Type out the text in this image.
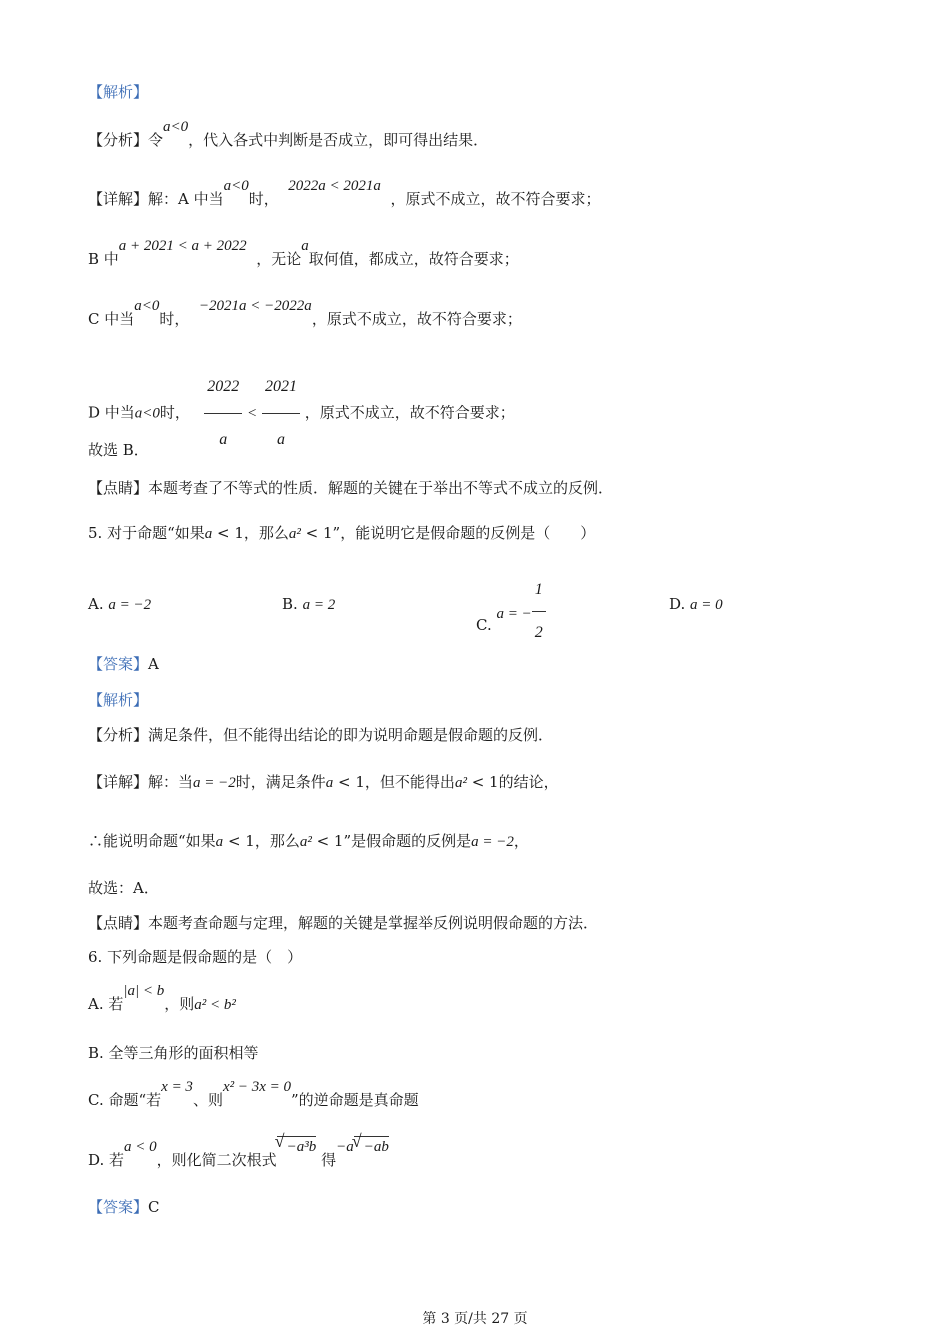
【解析】
【分析】令a<0，代入各式中判断是否成立，即可得出结果．
【详解】解：A 中当a<0时，  2022a < 2021a  ，原式不成立，故不符合要求；
B 中a + 2021 < a + 2022  ，无论a取何值，都成立，故符合要求；
C 中当a<0时，  −2021a < −2022a，原式不成立，故不符合要求；
D 中当a<0时， $\frac{2022}{a} < \frac{2021}{a}$ ，原式不成立，故不符合要求；
故选 B．
【点睛】本题考查了不等式的性质．解题的关键在于举出不等式不成立的反例．
5. 对于命题“如果a < 1，那么a² < 1”，能说明它是假命题的反例是（　　）
A. a = −2	B. a = 2
C. a = − $\frac{1}{2}$	D. a = 0
【答案】A
【解析】
【分析】满足条件，但不能得出结论的即为说明命题是假命题的反例．
【详解】解：当a = −2时，满足条件a < 1，但不能得出a² < 1的结论，
∴能说明命题“如果a < 1，那么a² < 1”是假命题的反例是a = −2，
故选：A．
【点睛】本题考查命题与定理，解题的关键是掌握举反例说明假命题的方法．
6. 下列命题是假命题的是（　）
A. 若|a| < b，则a² < b²
B. 全等三角形的面积相等
C. 命题“若x = 3、则x² − 3x = 0”的逆命题是真命题
D. 若a < 0，则化简二次根式√ −a³b 得−a√ −ab
【答案】C
第 3 页/共 27 页
